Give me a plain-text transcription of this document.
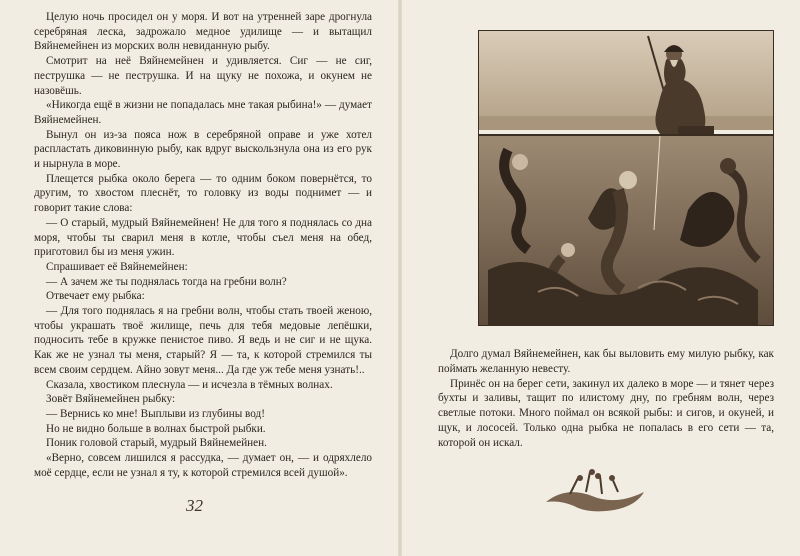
Целую ночь просидел он у моря. И вот на утренней заре дрогнула серебряная леска, задрожало медное удилище — и вытащил Вяйнемейнен из морских волн невиданную рыбу.

Смотрит на неё Вяйнемейнен и удивляется. Сиг — не сиг, пеструшка — не пеструшка. И на щуку не похожа, и окунем не назовёшь.

«Никогда ещё в жизни не попадалась мне такая рыбина!» — думает Вяйнемейнен.

Вынул он из-за пояса нож в серебряной оправе и уже хотел распластать диковинную рыбу, как вдруг выскользнула она из его рук и нырнула в море.

Плещется рыбка около берега — то одним боком повернётся, то другим, то хвостом плеснёт, то головку из воды поднимет — и говорит такие слова:

— О старый, мудрый Вяйнемейнен! Не для того я поднялась со дна моря, чтобы ты сварил меня в котле, чтобы съел меня на обед, приготовил бы из меня ужин.

Спрашивает её Вяйнемейнен:

— А зачем же ты поднялась тогда на гребни волн?

Отвечает ему рыбка:

— Для того поднялась я на гребни волн, чтобы стать твоей женою, чтобы украшать твоё жилище, печь для тебя медовые лепёшки, подносить тебе в кружке пенистое пиво. Я ведь и не сиг и не щука. Как же не узнал ты меня, старый? Я — та, к которой стремился ты всем своим сердцем. Айно зовут меня... Да где уж тебе меня узнать!..

Сказала, хвостиком плеснула — и исчезла в тёмных волнах.

Зовёт Вяйнемейнен рыбку:

— Вернись ко мне! Выплыви из глубины вод!

Но не видно больше в волнах быстрой рыбки.

Поник головой старый, мудрый Вяйнемейнен.

«Верно, совсем лишился я рассудка, — думает он, — и одряхлело моё сердце, если не узнал я ту, к которой стремился всей душой».

32

Долго думал Вяйнемейнен, как бы выловить ему милую рыбку, как поймать желанную невесту.

Принёс он на берег сети, закинул их далеко в море — и тянет через бухты и заливы, тащит по илистому дну, по гребням волн, через светлые потоки. Много поймал он всякой рыбы: и сигов, и окуней, и щук, и лососей. Только одна рыбка не попалась в его сети — та, которой он искал.
